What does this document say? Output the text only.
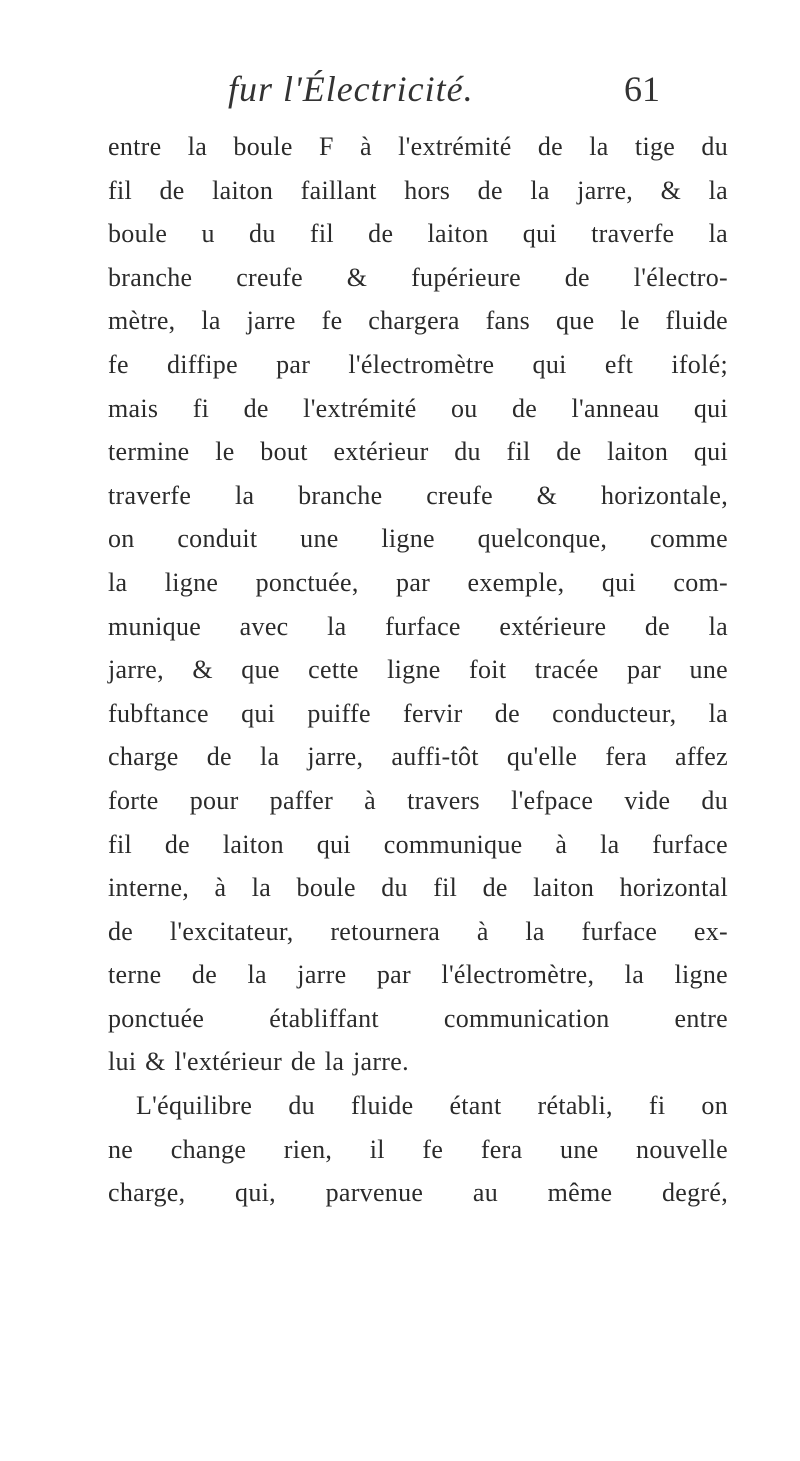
fur l'Électricité.	61
entre la boule F à l'extrémité de la tige du
fil de laiton faillant hors de la jarre, & la
boule u du fil de laiton qui traverfe la
branche creufe & fupérieure de l'électro-
mètre, la jarre fe chargera fans que le fluide
fe diffipe par l'électromètre qui eft ifolé;
mais fi de l'extrémité ou de l'anneau qui
termine le bout extérieur du fil de laiton qui
traverfe la branche creufe & horizontale,
on conduit une ligne quelconque, comme
la ligne ponctuée, par exemple, qui com-
munique avec la furface extérieure de la
jarre, & que cette ligne foit tracée par une
fubftance qui puiffe fervir de conducteur, la
charge de la jarre, auffi-tôt qu'elle fera affez
forte pour paffer à travers l'efpace vide du
fil de laiton qui communique à la furface
interne, à la boule du fil de laiton horizontal
de l'excitateur, retournera à la furface ex-
terne de la jarre par l'électromètre, la ligne
ponctuée établiffant communication entre
lui & l'extérieur de la jarre.
L'équilibre du fluide étant rétabli, fi on
ne change rien, il fe fera une nouvelle
charge, qui, parvenue au même degré,
